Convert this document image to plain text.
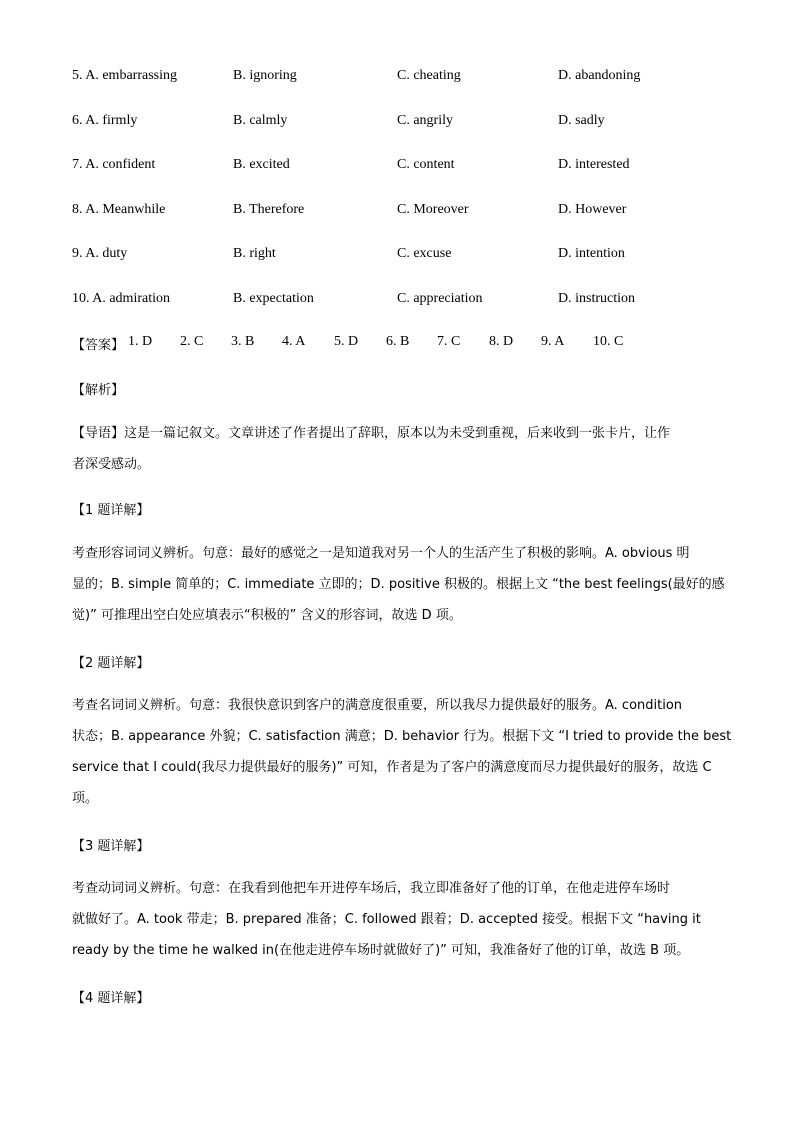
5. A. embarrassing	B. ignoring	C. cheating	D. abandoning
6. A. firmly	B. calmly	C. angrily	D. sadly
7. A. confident	B. excited	C. content	D. interested
8. A. Meanwhile	B. Therefore	C. Moreover	D. However
9. A. duty	B. right	C. excuse	D. intention
10. A. admiration	B. expectation	C. appreciation	D. instruction
【答案】 1. D 2. C 3. B 4. A 5. D 6. B 7. C 8. D 9. A 10. C
【解析】
【导语】这是一篇记叙文。文章讲述了作者提出了辞职，原本以为未受到重视，后来收到一张卡片，让作
者深受感动。
【1 题详解】
考查形容词词义辨析。句意：最好的感觉之一是知道我对另一个人的生活产生了积极的影响。A. obvious 明
显的；B. simple 简单的；C. immediate 立即的；D. positive 积极的。根据上文 “the best feelings(最好的感
觉)” 可推理出空白处应填表示“积极的” 含义的形容词，故选 D 项。
【2 题详解】
考查名词词义辨析。句意：我很快意识到客户的满意度很重要，所以我尽力提供最好的服务。A. condition
状态；B. appearance 外貌；C. satisfaction 满意；D. behavior 行为。根据下文 “I tried to provide the best
service that I could(我尽力提供最好的服务)” 可知，作者是为了客户的满意度而尽力提供最好的服务，故选 C
项。
【3 题详解】
考查动词词义辨析。句意：在我看到他把车开进停车场后，我立即准备好了他的订单，在他走进停车场时
就做好了。A. took 带走；B. prepared 准备；C. followed 跟着；D. accepted 接受。根据下文 “having it
ready by the time he walked in(在他走进停车场时就做好了)” 可知，我准备好了他的订单，故选 B 项。
【4 题详解】
